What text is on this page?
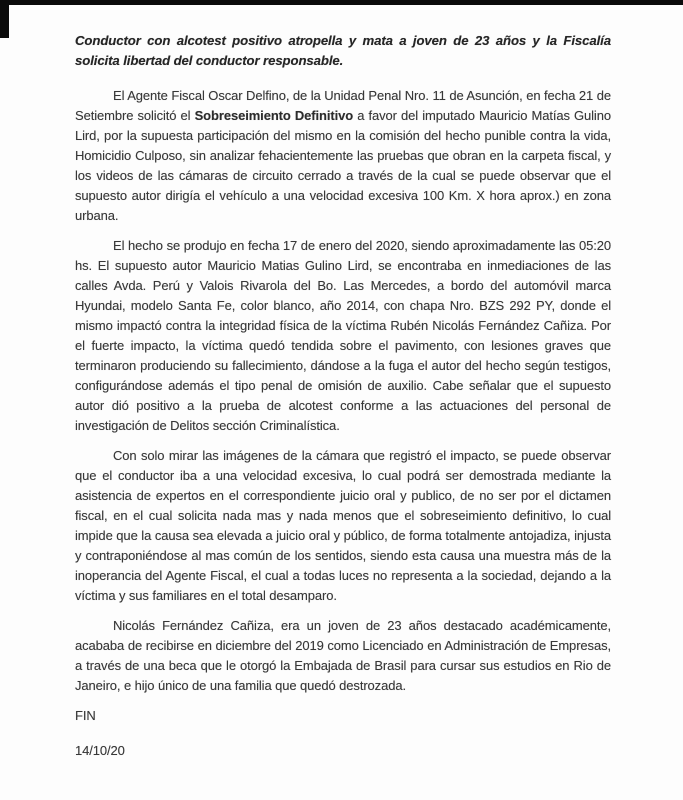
Conductor con alcotest positivo atropella y mata a joven de 23 años y la Fiscalía solicita libertad del conductor responsable.

El Agente Fiscal Oscar Delfino, de la Unidad Penal Nro. 11 de Asunción, en fecha 21 de Setiembre solicitó el Sobreseimiento Definitivo a favor del imputado Mauricio Matías Gulino Lird, por la supuesta participación del mismo en la comisión del hecho punible contra la vida, Homicidio Culposo, sin analizar fehacientemente las pruebas que obran en la carpeta fiscal, y los videos de las cámaras de circuito cerrado a través de la cual se puede observar que el supuesto autor dirigía el vehículo a una velocidad excesiva 100 Km. X hora aprox.) en zona urbana.

El hecho se produjo en fecha 17 de enero del 2020, siendo aproximadamente las 05:20 hs. El supuesto autor Mauricio Matias Gulino Lird, se encontraba en inmediaciones de las calles Avda. Perú y Valois Rivarola del Bo. Las Mercedes, a bordo del automóvil marca Hyundai, modelo Santa Fe, color blanco, año 2014, con chapa Nro. BZS 292 PY, donde el mismo impactó contra la integridad física de la víctima Rubén Nicolás Fernández Cañiza. Por el fuerte impacto, la víctima quedó tendida sobre el pavimento, con lesiones graves que terminaron produciendo su fallecimiento, dándose a la fuga el autor del hecho según testigos, configurándose además el tipo penal de omisión de auxilio. Cabe señalar que el supuesto autor dió positivo a la prueba de alcotest conforme a las actuaciones del personal de investigación de Delitos sección Criminalística.

Con solo mirar las imágenes de la cámara que registró el impacto, se puede observar que el conductor iba a una velocidad excesiva, lo cual podrá ser demostrada mediante la asistencia de expertos en el correspondiente juicio oral y publico, de no ser por el dictamen fiscal, en el cual solicita nada mas y nada menos que el sobreseimiento definitivo, lo cual impide que la causa sea elevada a juicio oral y público, de forma totalmente antojadiza, injusta y contraponiéndose al mas común de los sentidos, siendo esta causa una muestra más de la inoperancia del Agente Fiscal, el cual a todas luces no representa a la sociedad, dejando a la víctima y sus familiares en el total desamparo.

Nicolás Fernández Cañiza, era un joven de 23 años destacado académicamente, acababa de recibirse en diciembre del 2019 como Licenciado en Administración de Empresas, a través de una beca que le otorgó la Embajada de Brasil para cursar sus estudios en Rio de Janeiro, e hijo único de una familia que quedó destrozada.

FIN

14/10/20
